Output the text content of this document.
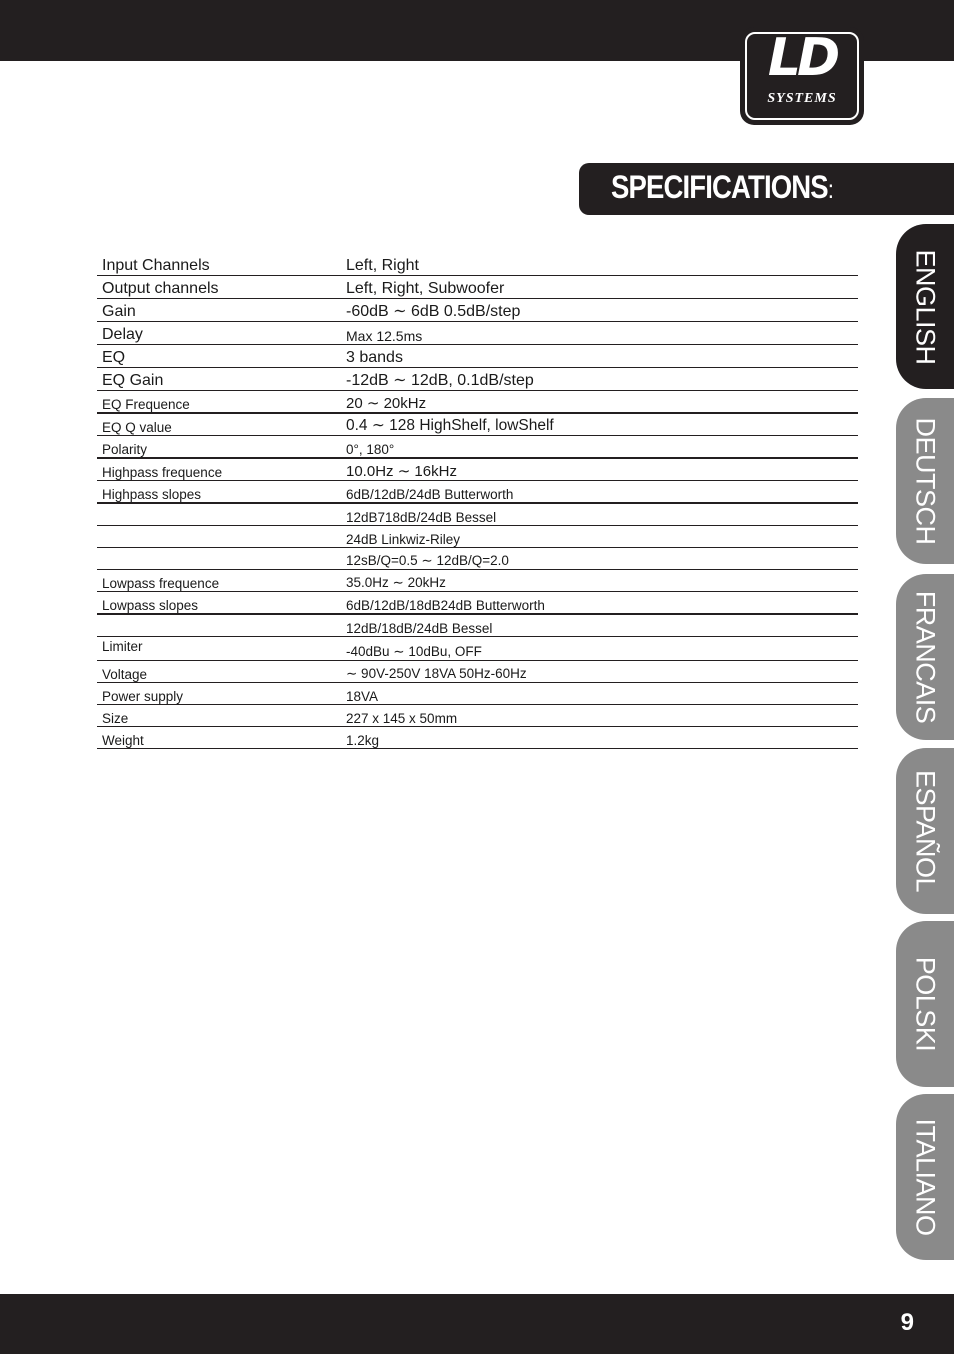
LD
SYSTEMS
SPECIFICATIONS:
Input Channels	Left, Right
Output channels	Left, Right, Subwoofer
Gain	-60dB ∼ 6dB 0.5dB/step
Delay	Max 12.5ms
EQ	3 bands
EQ Gain	-12dB ∼ 12dB, 0.1dB/step
EQ Frequence	20 ∼ 20kHz
EQ Q value	0.4 ∼ 128 HighShelf, lowShelf
Polarity	0°, 180°
Highpass frequence	10.0Hz ∼ 16kHz
Highpass slopes	6dB/12dB/24dB Butterworth
	12dB718dB/24dB Bessel
	24dB Linkwiz-Riley
	12sB/Q=0.5 ∼ 12dB/Q=2.0
Lowpass frequence	35.0Hz ∼ 20kHz
Lowpass slopes	6dB/12dB/18dB24dB Butterworth
	12dB/18dB/24dB Bessel
Limiter	-40dBu ∼ 10dBu, OFF
Voltage	∼ 90V-250V 18VA 50Hz-60Hz
Power supply	18VA
Size	227 x 145 x 50mm
Weight	1.2kg
ENGLISH
DEUTSCH
FRANCAIS
ESPAÑOL
POLSKI
ITALIANO
9
